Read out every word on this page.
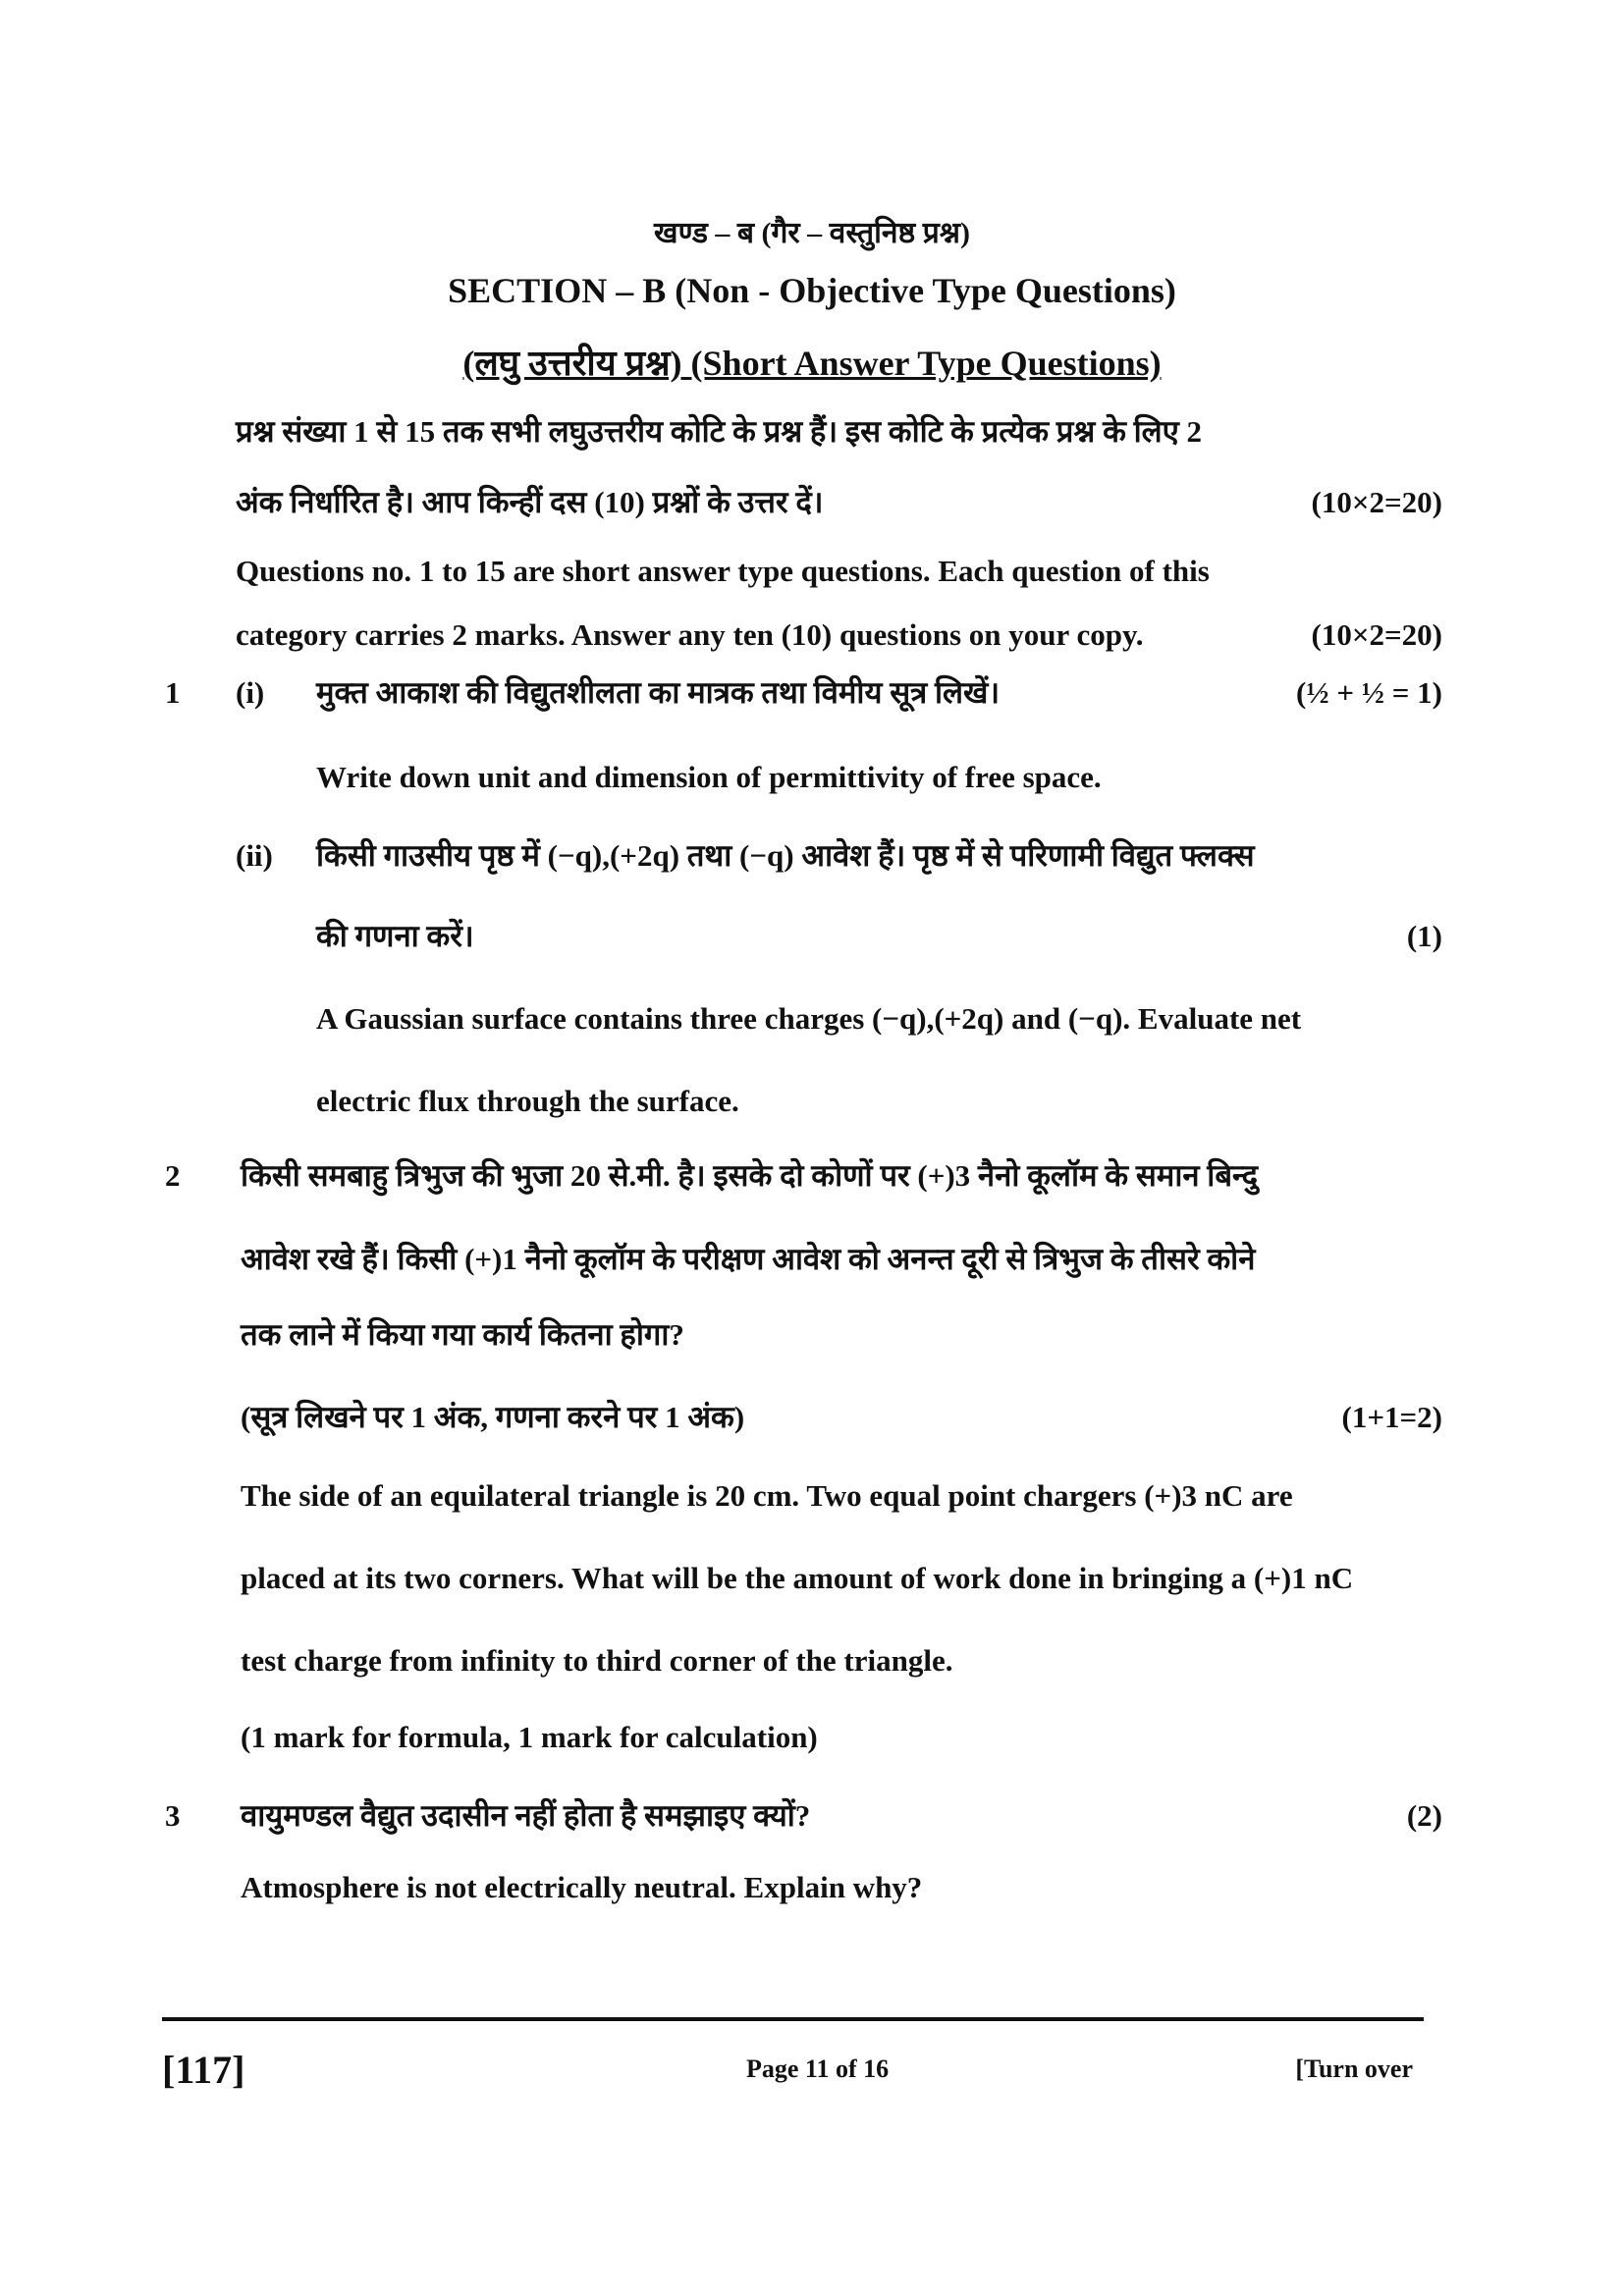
खण्ड – ब (गैर – वस्तुनिष्ठ प्रश्न)
SECTION – B (Non - Objective Type Questions)
(लघु उत्तरीय प्रश्न) (Short Answer Type Questions)
प्रश्न संख्या 1 से 15 तक सभी लघुउत्तरीय कोटि के प्रश्न हैं। इस कोटि के प्रत्येक प्रश्न के लिए 2
अंक निर्धारित है। आप किन्हीं दस (10) प्रश्नों के उत्तर दें।	(10×2=20)
Questions no. 1 to 15 are short answer type questions. Each question of this
category carries 2 marks. Answer any ten (10) questions on your copy.	(10×2=20)
1 (i) मुक्त आकाश की विद्युतशीलता का मात्रक तथा विमीय सूत्र लिखें।	(½ + ½ = 1)
Write down unit and dimension of permittivity of free space.
(ii) किसी गाउसीय पृष्ठ में (−q),(+2q) तथा (−q) आवेश हैं। पृष्ठ में से परिणामी विद्युत फ्लक्स
की गणना करें।	(1)
A Gaussian surface contains three charges (−q),(+2q) and (−q). Evaluate net
electric flux through the surface.
2 किसी समबाहु त्रिभुज की भुजा 20 से.मी. है। इसके दो कोणों पर (+)3 नैनो कूलॉम के समान बिन्दु
आवेश रखे हैं। किसी (+)1 नैनो कूलॉम के परीक्षण आवेश को अनन्त दूरी से त्रिभुज के तीसरे कोने
तक लाने में किया गया कार्य कितना होगा?
(सूत्र लिखने पर 1 अंक, गणना करने पर 1 अंक)	(1+1=2)
The side of an equilateral triangle is 20 cm. Two equal point chargers (+)3 nC are
placed at its two corners. What will be the amount of work done in bringing a (+)1 nC
test charge from infinity to third corner of the triangle.
(1 mark for formula, 1 mark for calculation)
3 वायुमण्डल वैद्युत उदासीन नहीं होता है समझाइए क्यों?	(2)
Atmosphere is not electrically neutral. Explain why?
[117]	Page 11 of 16	[Turn over
